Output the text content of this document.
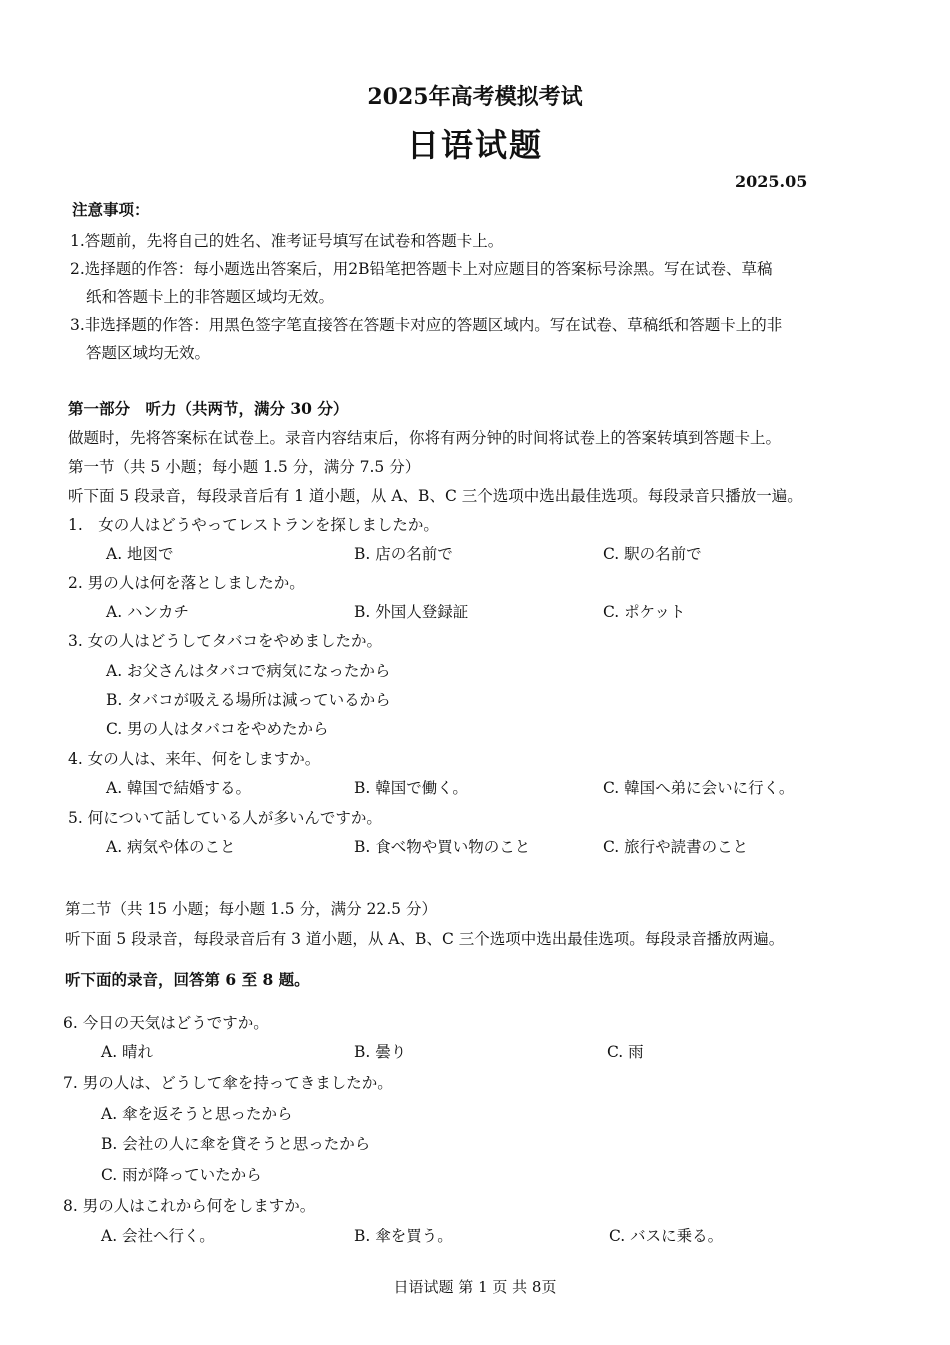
2025年高考模拟考试
日语试题
2025.05
注意事项：
1.答题前，先将自己的姓名、准考证号填写在试卷和答题卡上。
2.选择题的作答：每小题选出答案后，用2B铅笔把答题卡上对应题目的答案标号涂黑。写在试卷、草稿
纸和答题卡上的非答题区域均无效。
3.非选择题的作答：用黑色签字笔直接答在答题卡对应的答题区域内。写在试卷、草稿纸和答题卡上的非
答题区域均无效。
第一部分　听力（共两节，满分 30 分）
做题时，先将答案标在试卷上。录音内容结束后，你将有两分钟的时间将试卷上的答案转填到答题卡上。
第一节（共 5 小题；每小题 1.5 分，满分 7.5 分）
听下面 5 段录音，每段录音后有 1 道小题，从 A、B、C 三个选项中选出最佳选项。每段录音只播放一遍。
1.　女の人はどうやってレストランを探しましたか。
A. 地図で	B. 店の名前で	C. 駅の名前で
2. 男の人は何を落としましたか。
A. ハンカチ	B. 外国人登録証	C. ポケット
3. 女の人はどうしてタバコをやめましたか。
A. お父さんはタバコで病気になったから
B. タバコが吸える場所は減っているから
C. 男の人はタバコをやめたから
4. 女の人は、来年、何をしますか。
A. 韓国で結婚する。	B. 韓国で働く。	C. 韓国へ弟に会いに行く。
5. 何について話している人が多いんですか。
A. 病気や体のこと	B. 食べ物や買い物のこと	C. 旅行や読書のこと
第二节（共 15 小题；每小题 1.5 分，满分 22.5 分）
听下面 5 段录音，每段录音后有 3 道小题，从 A、B、C 三个选项中选出最佳选项。每段录音播放两遍。
听下面的录音，回答第 6 至 8 题。
6. 今日の天気はどうですか。
A. 晴れ	B. 曇り	C. 雨
7. 男の人は、どうして傘を持ってきましたか。
A. 傘を返そうと思ったから
B. 会社の人に傘を貸そうと思ったから
C. 雨が降っていたから
8. 男の人はこれから何をしますか。
A. 会社へ行く。	B. 傘を買う。	C. バスに乗る。
日语试题 第 1 页 共 8页
